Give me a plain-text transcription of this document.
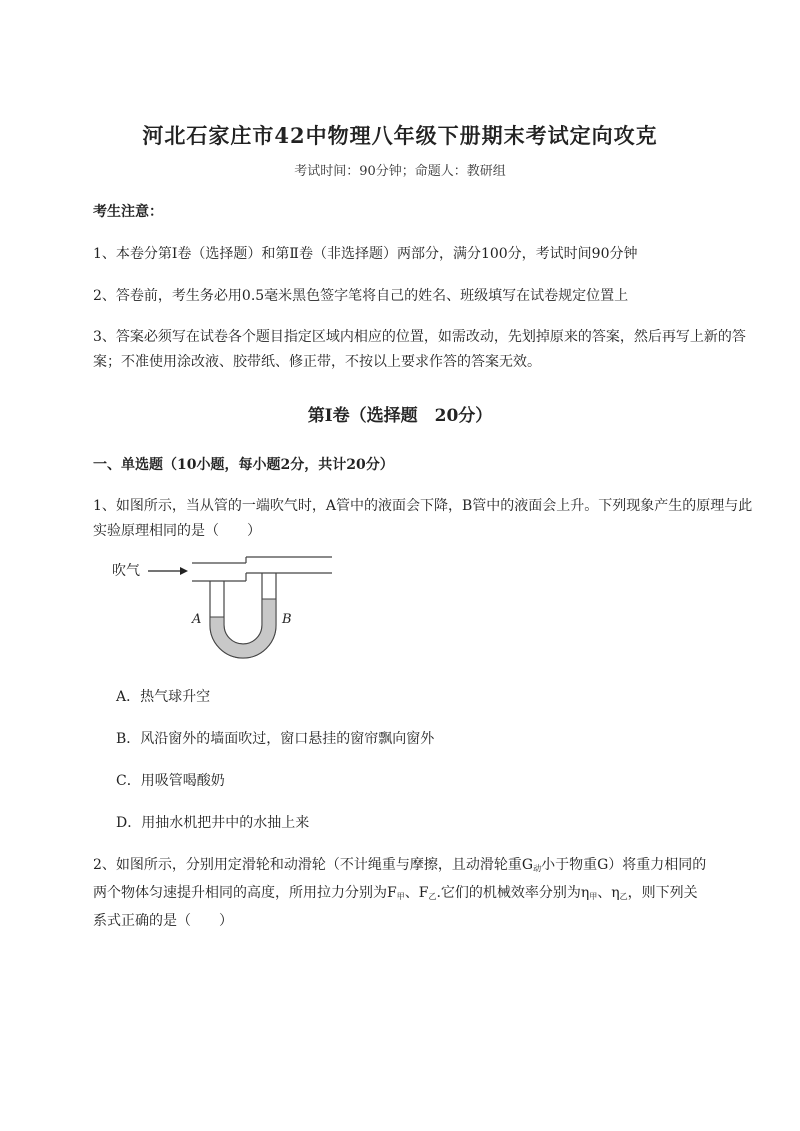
河北石家庄市42中物理八年级下册期末考试定向攻克
考试时间：90分钟；命题人：教研组
考生注意：
1、本卷分第I卷（选择题）和第Ⅱ卷（非选择题）两部分，满分100分，考试时间90分钟
2、答卷前，考生务必用0.5毫米黑色签字笔将自己的姓名、班级填写在试卷规定位置上
3、答案必须写在试卷各个题目指定区域内相应的位置，如需改动，先划掉原来的答案，然后再写上新的答案；不准使用涂改液、胶带纸、修正带，不按以上要求作答的答案无效。
第I卷（选择题　20分）
一、单选题（10小题，每小题2分，共计20分）
1、如图所示，当从管的一端吹气时，A管中的液面会下降，B管中的液面会上升。下列现象产生的原理与此实验原理相同的是（　　）
吹气
A	B
A．热气球升空
B．风沿窗外的墙面吹过，窗口悬挂的窗帘飘向窗外
C．用吸管喝酸奶
D．用抽水机把井中的水抽上来
2、如图所示，分别用定滑轮和动滑轮（不计绳重与摩擦，且动滑轮重$G_动$小于物重G）将重力相同的
两个物体匀速提升相同的高度，所用拉力分别为$F_甲$、$F_乙$.它们的机械效率分别为$\eta_甲$、$\eta_乙$，则下列关
系式正确的是（　　）
